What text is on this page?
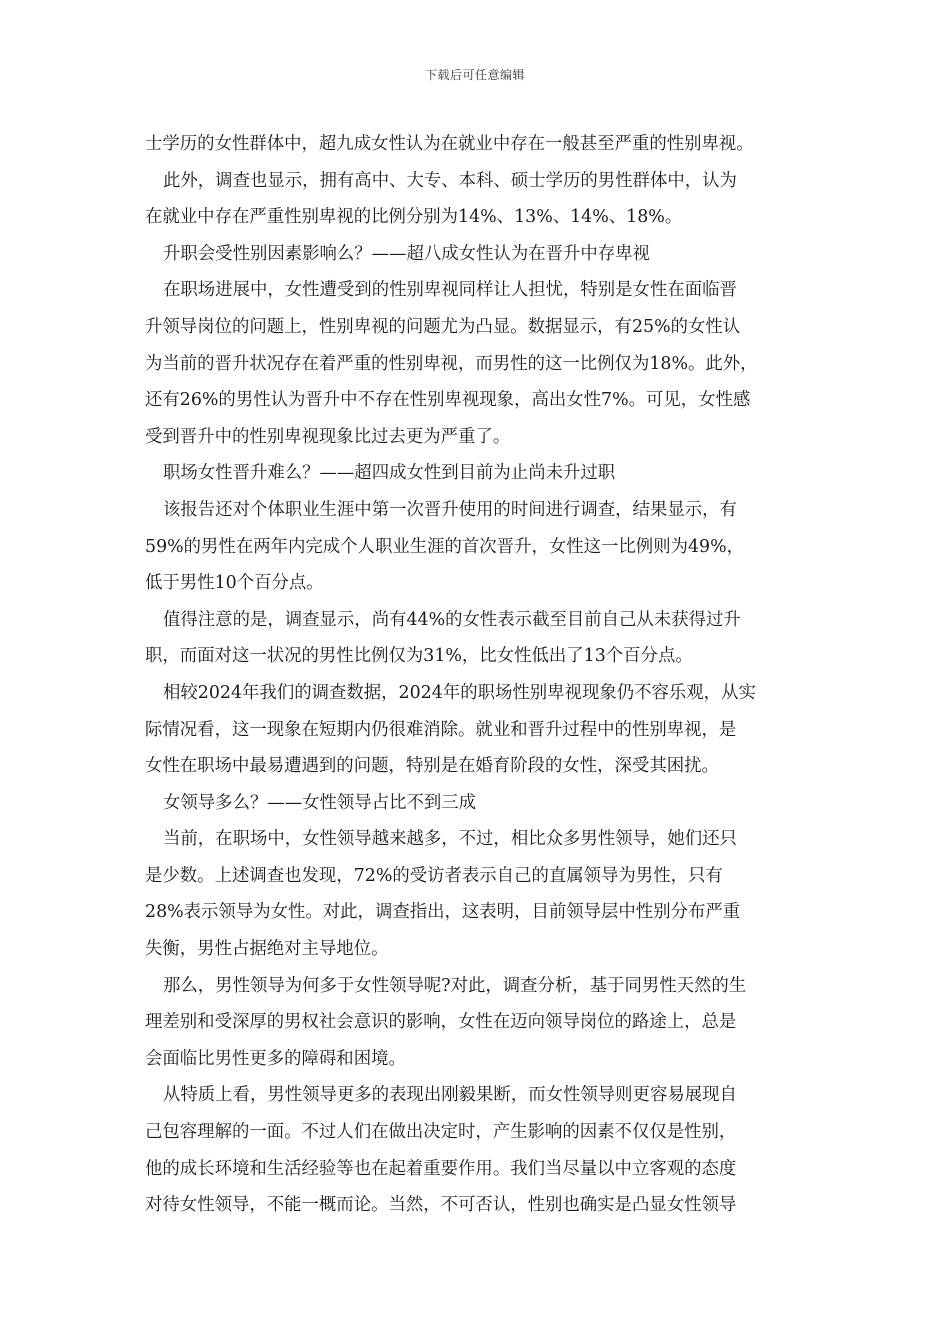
下载后可任意编辑
士学历的女性群体中，超九成女性认为在就业中存在一般甚至严重的性别卑视。
此外，调查也显示，拥有高中、大专、本科、硕士学历的男性群体中，认为
在就业中存在严重性别卑视的比例分别为14%、13%、14%、18%。
升职会受性别因素影响么？——超八成女性认为在晋升中存卑视
在职场进展中，女性遭受到的性别卑视同样让人担忧，特别是女性在面临晋
升领导岗位的问题上，性别卑视的问题尤为凸显。数据显示，有25%的女性认
为当前的晋升状况存在着严重的性别卑视，而男性的这一比例仅为18%。此外，
还有26%的男性认为晋升中不存在性别卑视现象，高出女性7%。可见，女性感
受到晋升中的性别卑视现象比过去更为严重了。
职场女性晋升难么？——超四成女性到目前为止尚未升过职
该报告还对个体职业生涯中第一次晋升使用的时间进行调查，结果显示，有
59%的男性在两年内完成个人职业生涯的首次晋升，女性这一比例则为49%，
低于男性10个百分点。
值得注意的是，调查显示，尚有44%的女性表示截至目前自己从未获得过升
职，而面对这一状况的男性比例仅为31%，比女性低出了13个百分点。
相较2024年我们的调查数据，2024年的职场性别卑视现象仍不容乐观，从实
际情况看，这一现象在短期内仍很难消除。就业和晋升过程中的性别卑视，是
女性在职场中最易遭遇到的问题，特别是在婚育阶段的女性，深受其困扰。
女领导多么？——女性领导占比不到三成
当前，在职场中，女性领导越来越多，不过，相比众多男性领导，她们还只
是少数。上述调查也发现，72%的受访者表示自己的直属领导为男性，只有
28%表示领导为女性。对此，调查指出，这表明，目前领导层中性别分布严重
失衡，男性占据绝对主导地位。
那么，男性领导为何多于女性领导呢?对此，调查分析，基于同男性天然的生
理差别和受深厚的男权社会意识的影响，女性在迈向领导岗位的路途上，总是
会面临比男性更多的障碍和困境。
从特质上看，男性领导更多的表现出刚毅果断，而女性领导则更容易展现自
己包容理解的一面。不过人们在做出决定时，产生影响的因素不仅仅是性别，
他的成长环境和生活经验等也在起着重要作用。我们当尽量以中立客观的态度
对待女性领导，不能一概而论。当然，不可否认，性别也确实是凸显女性领导
